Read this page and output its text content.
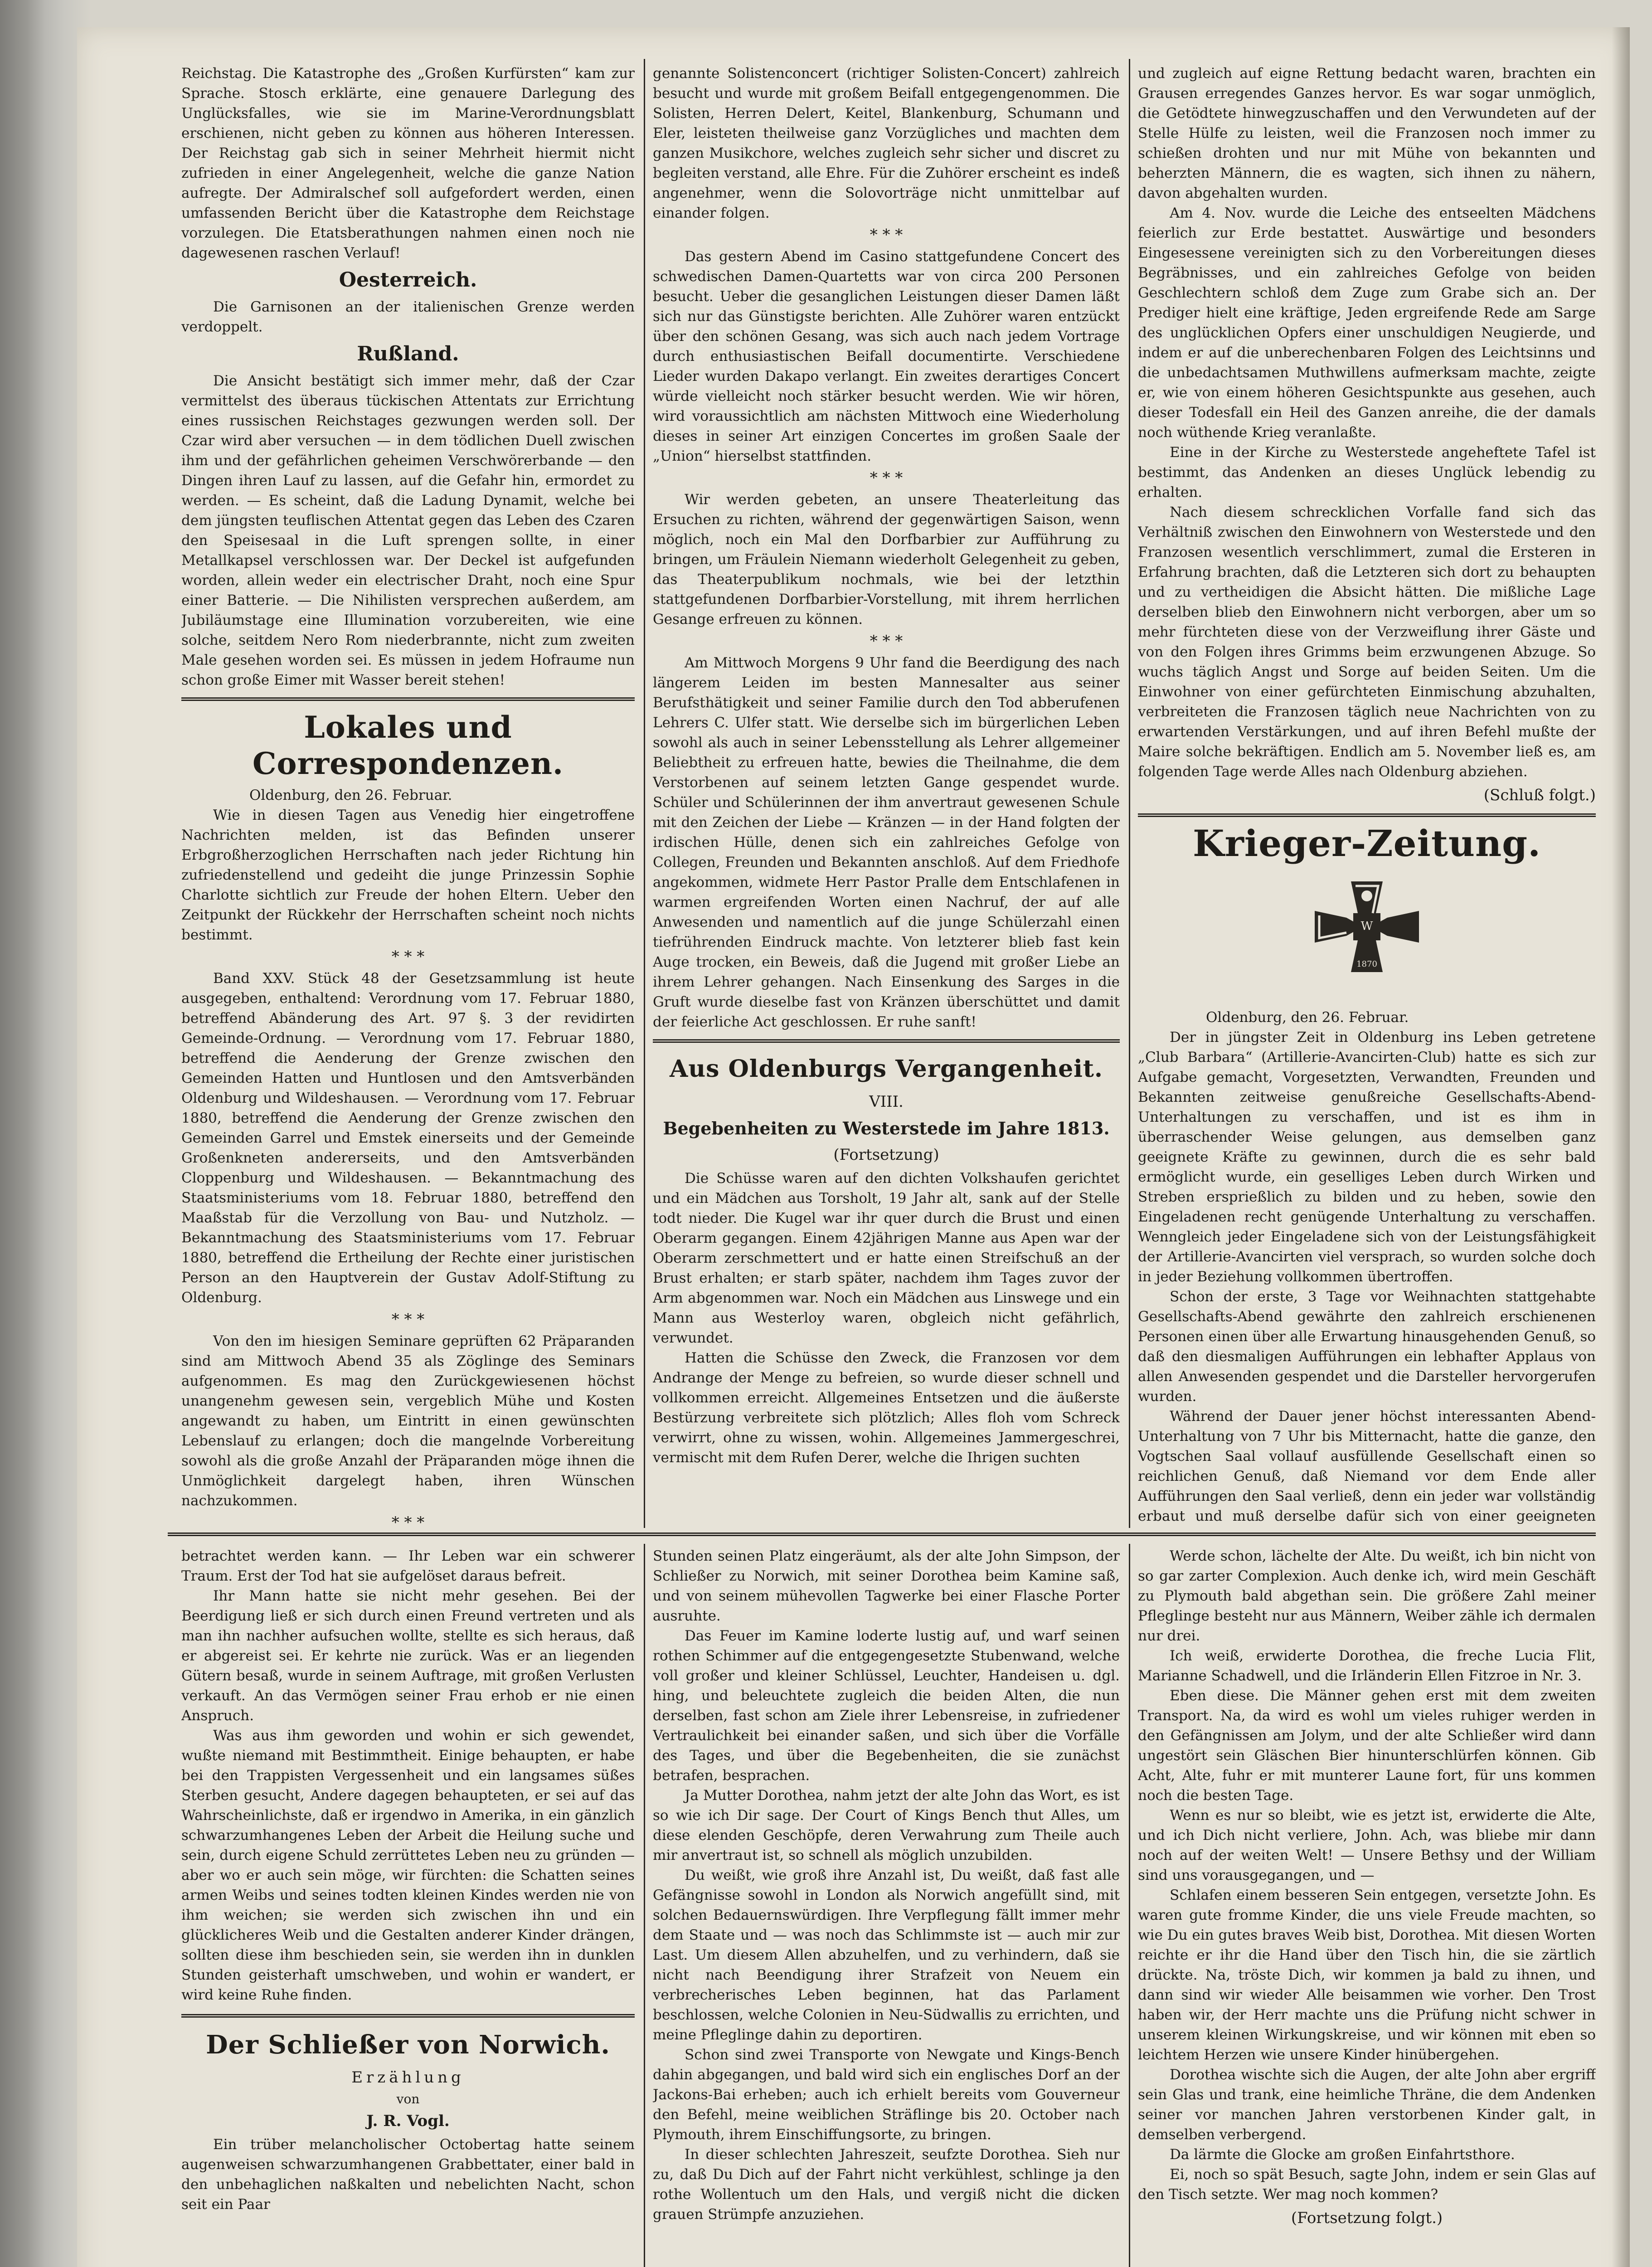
Reichstag. Die Katastrophe des „Großen Kurfürsten“ kam zur Sprache. Stosch erklärte, eine genauere Darlegung des Unglücksfalles, wie sie im Marine-Verordnungsblatt erschienen, nicht geben zu können aus höheren Interessen. Der Reichstag gab sich in seiner Mehrheit hiermit nicht zufrieden in einer Angelegenheit, welche die ganze Nation aufregte. Der Admiralschef soll aufgefordert werden, einen umfassenden Bericht über die Katastrophe dem Reichstage vorzulegen. Die Etatsberathungen nahmen einen noch nie dagewesenen raschen Verlauf!

Oesterreich.

Die Garnisonen an der italienischen Grenze werden verdoppelt.

Rußland.

Die Ansicht bestätigt sich immer mehr, daß der Czar vermittelst des überaus tückischen Attentats zur Errichtung eines russischen Reichstages gezwungen werden soll. Der Czar wird aber versuchen — in dem tödlichen Duell zwischen ihm und der gefährlichen geheimen Verschwörerbande — den Dingen ihren Lauf zu lassen, auf die Gefahr hin, ermordet zu werden. — Es scheint, daß die Ladung Dynamit, welche bei dem jüngsten teuflischen Attentat gegen das Leben des Czaren den Speisesaal in die Luft sprengen sollte, in einer Metallkapsel verschlossen war. Der Deckel ist aufgefunden worden, allein weder ein electrischer Draht, noch eine Spur einer Batterie. — Die Nihilisten versprechen außerdem, am Jubiläumstage eine Illumination vorzubereiten, wie eine solche, seitdem Nero Rom niederbrannte, nicht zum zweiten Male gesehen worden sei. Es müssen in jedem Hofraume nun schon große Eimer mit Wasser bereit stehen!

Lokales und Correspondenzen.

Oldenburg, den 26. Februar.

Wie in diesen Tagen aus Venedig hier eingetroffene Nachrichten melden, ist das Befinden unserer Erbgroßherzoglichen Herrschaften nach jeder Richtung hin zufriedenstellend und gedeiht die junge Prinzessin Sophie Charlotte sichtlich zur Freude der hohen Eltern. Ueber den Zeitpunkt der Rückkehr der Herrschaften scheint noch nichts bestimmt.

* * *

Band XXV. Stück 48 der Gesetzsammlung ist heute ausgegeben, enthaltend: Verordnung vom 17. Februar 1880, betreffend Abänderung des Art. 97 §. 3 der revidirten Gemeinde-Ordnung. — Verordnung vom 17. Februar 1880, betreffend die Aenderung der Grenze zwischen den Gemeinden Hatten und Huntlosen und den Amtsverbänden Oldenburg und Wildeshausen. — Verordnung vom 17. Februar 1880, betreffend die Aenderung der Grenze zwischen den Gemeinden Garrel und Emstek einerseits und der Gemeinde Großenkneten andererseits, und den Amtsverbänden Cloppenburg und Wildeshausen. — Bekanntmachung des Staatsministeriums vom 18. Februar 1880, betreffend den Maaßstab für die Verzollung von Bau- und Nutzholz. — Bekanntmachung des Staatsministeriums vom 17. Februar 1880, betreffend die Ertheilung der Rechte einer juristischen Person an den Hauptverein der Gustav Adolf-Stiftung zu Oldenburg.

* * *

Von den im hiesigen Seminare geprüften 62 Präparanden sind am Mittwoch Abend 35 als Zöglinge des Seminars aufgenommen. Es mag den Zurückgewiesenen höchst unangenehm gewesen sein, vergeblich Mühe und Kosten angewandt zu haben, um Eintritt in einen gewünschten Lebenslauf zu erlangen; doch die mangelnde Vorbereitung sowohl als die große Anzahl der Präparanden möge ihnen die Unmöglichkeit dargelegt haben, ihren Wünschen nachzukommen.

* * *

genannte Solistenconcert (richtiger Solisten-Concert) zahlreich besucht und wurde mit großem Beifall entgegengenommen. Die Solisten, Herren Delert, Keitel, Blankenburg, Schumann und Eler, leisteten theilweise ganz Vorzügliches und machten dem ganzen Musikchore, welches zugleich sehr sicher und discret zu begleiten verstand, alle Ehre. Für die Zuhörer erscheint es indeß angenehmer, wenn die Solovorträge nicht unmittelbar auf einander folgen.

* * *

Das gestern Abend im Casino stattgefundene Concert des schwedischen Damen-Quartetts war von circa 200 Personen besucht. Ueber die gesanglichen Leistungen dieser Damen läßt sich nur das Günstigste berichten. Alle Zuhörer waren entzückt über den schönen Gesang, was sich auch nach jedem Vortrage durch enthusiastischen Beifall documentirte. Verschiedene Lieder wurden Dakapo verlangt. Ein zweites derartiges Concert würde vielleicht noch stärker besucht werden. Wie wir hören, wird voraussichtlich am nächsten Mittwoch eine Wiederholung dieses in seiner Art einzigen Concertes im großen Saale der „Union“ hierselbst stattfinden.

* * *

Wir werden gebeten, an unsere Theaterleitung das Ersuchen zu richten, während der gegenwärtigen Saison, wenn möglich, noch ein Mal den Dorfbarbier zur Aufführung zu bringen, um Fräulein Niemann wiederholt Gelegenheit zu geben, das Theaterpublikum nochmals, wie bei der letzthin stattgefundenen Dorfbarbier-Vorstellung, mit ihrem herrlichen Gesange erfreuen zu können.

* * *

Am Mittwoch Morgens 9 Uhr fand die Beerdigung des nach längerem Leiden im besten Mannesalter aus seiner Berufsthätigkeit und seiner Familie durch den Tod abberufenen Lehrers C. Ulfer statt. Wie derselbe sich im bürgerlichen Leben sowohl als auch in seiner Lebensstellung als Lehrer allgemeiner Beliebtheit zu erfreuen hatte, bewies die Theilnahme, die dem Verstorbenen auf seinem letzten Gange gespendet wurde. Schüler und Schülerinnen der ihm anvertraut gewesenen Schule mit den Zeichen der Liebe — Kränzen — in der Hand folgten der irdischen Hülle, denen sich ein zahlreiches Gefolge von Collegen, Freunden und Bekannten anschloß. Auf dem Friedhofe angekommen, widmete Herr Pastor Pralle dem Entschlafenen in warmen ergreifenden Worten einen Nachruf, der auf alle Anwesenden und namentlich auf die junge Schülerzahl einen tiefrührenden Eindruck machte. Von letzterer blieb fast kein Auge trocken, ein Beweis, daß die Jugend mit großer Liebe an ihrem Lehrer gehangen. Nach Einsenkung des Sarges in die Gruft wurde dieselbe fast von Kränzen überschüttet und damit der feierliche Act geschlossen. Er ruhe sanft!

Aus Oldenburgs Vergangenheit.
VIII.
Begebenheiten zu Westerstede im Jahre 1813.
(Fortsetzung)

Die Schüsse waren auf den dichten Volkshaufen gerichtet und ein Mädchen aus Torsholt, 19 Jahr alt, sank auf der Stelle todt nieder. Die Kugel war ihr quer durch die Brust und einen Oberarm gegangen. Einem 42jährigen Manne aus Apen war der Oberarm zerschmettert und er hatte einen Streifschuß an der Brust erhalten; er starb später, nachdem ihm Tages zuvor der Arm abgenommen war. Noch ein Mädchen aus Linswege und ein Mann aus Westerloy waren, obgleich nicht gefährlich, verwundet.

Hatten die Schüsse den Zweck, die Franzosen vor dem Andrange der Menge zu befreien, so wurde dieser schnell und vollkommen erreicht. Allgemeines Entsetzen und die äußerste Bestürzung verbreitete sich plötzlich; Alles floh vom Schreck verwirrt, ohne zu wissen, wohin. Allgemeines Jammergeschrei, vermischt mit dem Rufen Derer, welche die Ihrigen suchten

und zugleich auf eigne Rettung bedacht waren, brachten ein Grausen erregendes Ganzes hervor. Es war sogar unmöglich, die Getödtete hinwegzuschaffen und den Verwundeten auf der Stelle Hülfe zu leisten, weil die Franzosen noch immer zu schießen drohten und nur mit Mühe von bekannten und beherzten Männern, die es wagten, sich ihnen zu nähern, davon abgehalten wurden.

Am 4. Nov. wurde die Leiche des entseelten Mädchens feierlich zur Erde bestattet. Auswärtige und besonders Eingesessene vereinigten sich zu den Vorbereitungen dieses Begräbnisses, und ein zahlreiches Gefolge von beiden Geschlechtern schloß dem Zuge zum Grabe sich an. Der Prediger hielt eine kräftige, Jeden ergreifende Rede am Sarge des unglücklichen Opfers einer unschuldigen Neugierde, und indem er auf die unberechenbaren Folgen des Leichtsinns und die unbedachtsamen Muthwillens aufmerksam machte, zeigte er, wie von einem höheren Gesichtspunkte aus gesehen, auch dieser Todesfall ein Heil des Ganzen anreihe, die der damals noch wüthende Krieg veranlaßte.

Eine in der Kirche zu Westerstede angeheftete Tafel ist bestimmt, das Andenken an dieses Unglück lebendig zu erhalten.

Nach diesem schrecklichen Vorfalle fand sich das Verhältniß zwischen den Einwohnern von Westerstede und den Franzosen wesentlich verschlimmert, zumal die Ersteren in Erfahrung brachten, daß die Letzteren sich dort zu behaupten und zu vertheidigen die Absicht hätten. Die mißliche Lage derselben blieb den Einwohnern nicht verborgen, aber um so mehr fürchteten diese von der Verzweiflung ihrer Gäste und von den Folgen ihres Grimms beim erzwungenen Abzuge. So wuchs täglich Angst und Sorge auf beiden Seiten. Um die Einwohner von einer gefürchteten Einmischung abzuhalten, verbreiteten die Franzosen täglich neue Nachrichten von zu erwartenden Verstärkungen, und auf ihren Befehl mußte der Maire solche bekräftigen. Endlich am 5. November ließ es, am folgenden Tage werde Alles nach Oldenburg abziehen.

(Schluß folgt.)
Krieger-Zeitung.
W
1870

Oldenburg, den 26. Februar.

Der in jüngster Zeit in Oldenburg ins Leben getretene „Club Barbara“ (Artillerie-Avancirten-Club) hatte es sich zur Aufgabe gemacht, Vorgesetzten, Verwandten, Freunden und Bekannten zeitweise genußreiche Gesellschafts-Abend-Unterhaltungen zu verschaffen, und ist es ihm in überraschender Weise gelungen, aus demselben ganz geeignete Kräfte zu gewinnen, durch die es sehr bald ermöglicht wurde, ein geselliges Leben durch Wirken und Streben ersprießlich zu bilden und zu heben, sowie den Eingeladenen recht genügende Unterhaltung zu verschaffen. Wenngleich jeder Eingeladene sich von der Leistungsfähigkeit der Artillerie-Avancirten viel versprach, so wurden solche doch in jeder Beziehung vollkommen übertroffen.

Schon der erste, 3 Tage vor Weihnachten stattgehabte Gesellschafts-Abend gewährte den zahlreich erschienenen Personen einen über alle Erwartung hinausgehenden Genuß, so daß den diesmaligen Aufführungen ein lebhafter Applaus von allen Anwesenden gespendet und die Darsteller hervorgerufen wurden.

Während der Dauer jener höchst interessanten Abend-Unterhaltung von 7 Uhr bis Mitternacht, hatte die ganze, den Vogtschen Saal vollauf ausfüllende Gesellschaft einen so reichlichen Genuß, daß Niemand vor dem Ende aller Aufführungen den Saal verließ, denn ein jeder war vollständig erbaut und muß derselbe dafür sich von einer geeigneten

betrachtet werden kann. — Ihr Leben war ein schwerer Traum. Erst der Tod hat sie aufgelöset daraus befreit.

Ihr Mann hatte sie nicht mehr gesehen. Bei der Beerdigung ließ er sich durch einen Freund vertreten und als man ihn nachher aufsuchen wollte, stellte es sich heraus, daß er abgereist sei. Er kehrte nie zurück. Was er an liegenden Gütern besaß, wurde in seinem Auftrage, mit großen Verlusten verkauft. An das Vermögen seiner Frau erhob er nie einen Anspruch.

Was aus ihm geworden und wohin er sich gewendet, wußte niemand mit Bestimmtheit. Einige behaupten, er habe bei den Trappisten Vergessenheit und ein langsames süßes Sterben gesucht, Andere dagegen behaupteten, er sei auf das Wahrscheinlichste, daß er irgendwo in Amerika, in ein gänzlich schwarzumhangenes Leben der Arbeit die Heilung suche und sein, durch eigene Schuld zerrüttetes Leben neu zu gründen — aber wo er auch sein möge, wir fürchten: die Schatten seines armen Weibs und seines todten kleinen Kindes werden nie von ihm weichen; sie werden sich zwischen ihn und ein glücklicheres Weib und die Gestalten anderer Kinder drängen, sollten diese ihm beschieden sein, sie werden ihn in dunklen Stunden geisterhaft umschweben, und wohin er wandert, er wird keine Ruhe finden.

Der Schließer von Norwich.
Erzählung
von
J. R. Vogl.

Ein trüber melancholischer Octobertag hatte seinem augenweisen schwarzumhangenen Grabbettater, einer bald in den unbehaglichen naßkalten und nebelichten Nacht, schon seit ein Paar

Stunden seinen Platz eingeräumt, als der alte John Simpson, der Schließer zu Norwich, mit seiner Dorothea beim Kamine saß, und von seinem mühevollen Tagwerke bei einer Flasche Porter ausruhte.

Das Feuer im Kamine loderte lustig auf, und warf seinen rothen Schimmer auf die entgegengesetzte Stubenwand, welche voll großer und kleiner Schlüssel, Leuchter, Handeisen u. dgl. hing, und beleuchtete zugleich die beiden Alten, die nun derselben, fast schon am Ziele ihrer Lebensreise, in zufriedener Vertraulichkeit bei einander saßen, und sich über die Vorfälle des Tages, und über die Begebenheiten, die sie zunächst betrafen, besprachen.

Ja Mutter Dorothea, nahm jetzt der alte John das Wort, es ist so wie ich Dir sage. Der Court of Kings Bench thut Alles, um diese elenden Geschöpfe, deren Verwahrung zum Theile auch mir anvertraut ist, so schnell als möglich unzubilden.

Du weißt, wie groß ihre Anzahl ist, Du weißt, daß fast alle Gefängnisse sowohl in London als Norwich angefüllt sind, mit solchen Bedauernswürdigen. Ihre Verpflegung fällt immer mehr dem Staate und — was noch das Schlimmste ist — auch mir zur Last. Um diesem Allen abzuhelfen, und zu verhindern, daß sie nicht nach Beendigung ihrer Strafzeit von Neuem ein verbrecherisches Leben beginnen, hat das Parlament beschlossen, welche Colonien in Neu-Südwallis zu errichten, und meine Pfleglinge dahin zu deportiren.

Schon sind zwei Transporte von Newgate und Kings-Bench dahin abgegangen, und bald wird sich ein englisches Dorf an der Jackons-Bai erheben; auch ich erhielt bereits vom Gouverneur den Befehl, meine weiblichen Sträflinge bis 20. October nach Plymouth, ihrem Einschiffungsorte, zu bringen.

In dieser schlechten Jahreszeit, seufzte Dorothea. Sieh nur zu, daß Du Dich auf der Fahrt nicht verkühlest, schlinge ja den rothe Wollentuch um den Hals, und vergiß nicht die dicken grauen Strümpfe anzuziehen.

Werde schon, lächelte der Alte. Du weißt, ich bin nicht von so gar zarter Complexion. Auch denke ich, wird mein Geschäft zu Plymouth bald abgethan sein. Die größere Zahl meiner Pfleglinge besteht nur aus Männern, Weiber zähle ich dermalen nur drei.

Ich weiß, erwiderte Dorothea, die freche Lucia Flit, Marianne Schadwell, und die Irländerin Ellen Fitzroe in Nr. 3.

Eben diese. Die Männer gehen erst mit dem zweiten Transport. Na, da wird es wohl um vieles ruhiger werden in den Gefängnissen am Jolym, und der alte Schließer wird dann ungestört sein Gläschen Bier hinunterschlürfen können. Gib Acht, Alte, fuhr er mit munterer Laune fort, für uns kommen noch die besten Tage.

Wenn es nur so bleibt, wie es jetzt ist, erwiderte die Alte, und ich Dich nicht verliere, John. Ach, was bliebe mir dann noch auf der weiten Welt! — Unsere Bethsy und der William sind uns vorausgegangen, und —

Schlafen einem besseren Sein entgegen, versetzte John. Es waren gute fromme Kinder, die uns viele Freude machten, so wie Du ein gutes braves Weib bist, Dorothea. Mit diesen Worten reichte er ihr die Hand über den Tisch hin, die sie zärtlich drückte. Na, tröste Dich, wir kommen ja bald zu ihnen, und dann sind wir wieder Alle beisammen wie vorher. Den Trost haben wir, der Herr machte uns die Prüfung nicht schwer in unserem kleinen Wirkungskreise, und wir können mit eben so leichtem Herzen wie unsere Kinder hinübergehen.

Dorothea wischte sich die Augen, der alte John aber ergriff sein Glas und trank, eine heimliche Thräne, die dem Andenken seiner vor manchen Jahren verstorbenen Kinder galt, in demselben verbergend.

Da lärmte die Glocke am großen Einfahrtsthore.

Ei, noch so spät Besuch, sagte John, indem er sein Glas auf den Tisch setzte. Wer mag noch kommen?

(Fortsetzung folgt.)
